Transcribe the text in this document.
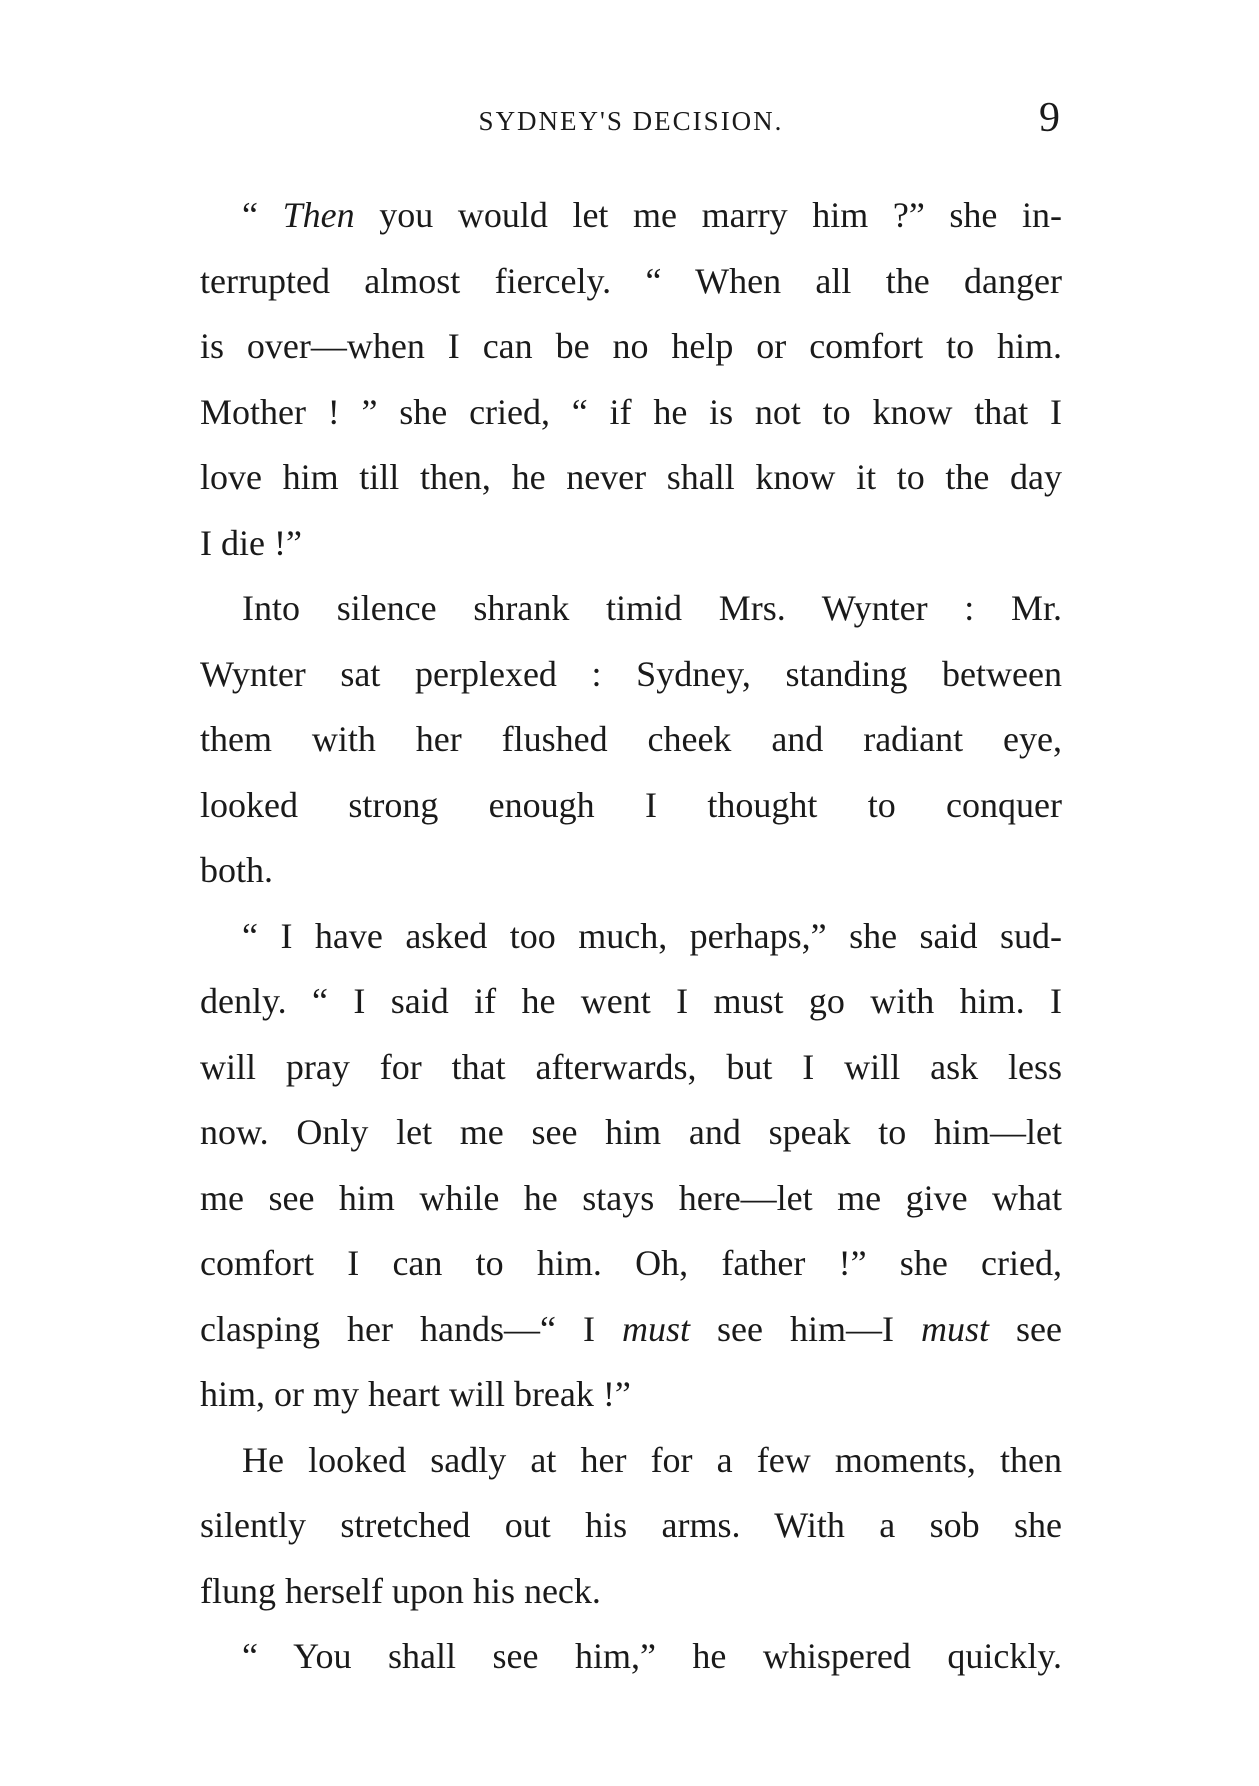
SYDNEY'S DECISION.	9
“ Then you would let me marry him ?” she in-
terrupted almost fiercely. “ When all the danger
is over—when I can be no help or comfort to him.
Mother ! ” she cried, “ if he is not to know that I
love him till then, he never shall know it to the day
I die !”
Into silence shrank timid Mrs. Wynter : Mr.
Wynter sat perplexed : Sydney, standing between
them with her flushed cheek and radiant eye,
looked strong enough I thought to conquer
both.
“ I have asked too much, perhaps,” she said sud-
denly. “ I said if he went I must go with him. I
will pray for that afterwards, but I will ask less
now. Only let me see him and speak to him—let
me see him while he stays here—let me give what
comfort I can to him. Oh, father !” she cried,
clasping her hands—“ I must see him—I must see
him, or my heart will break !”
He looked sadly at her for a few moments, then
silently stretched out his arms. With a sob she
flung herself upon his neck.
“ You shall see him,” he whispered quickly.
